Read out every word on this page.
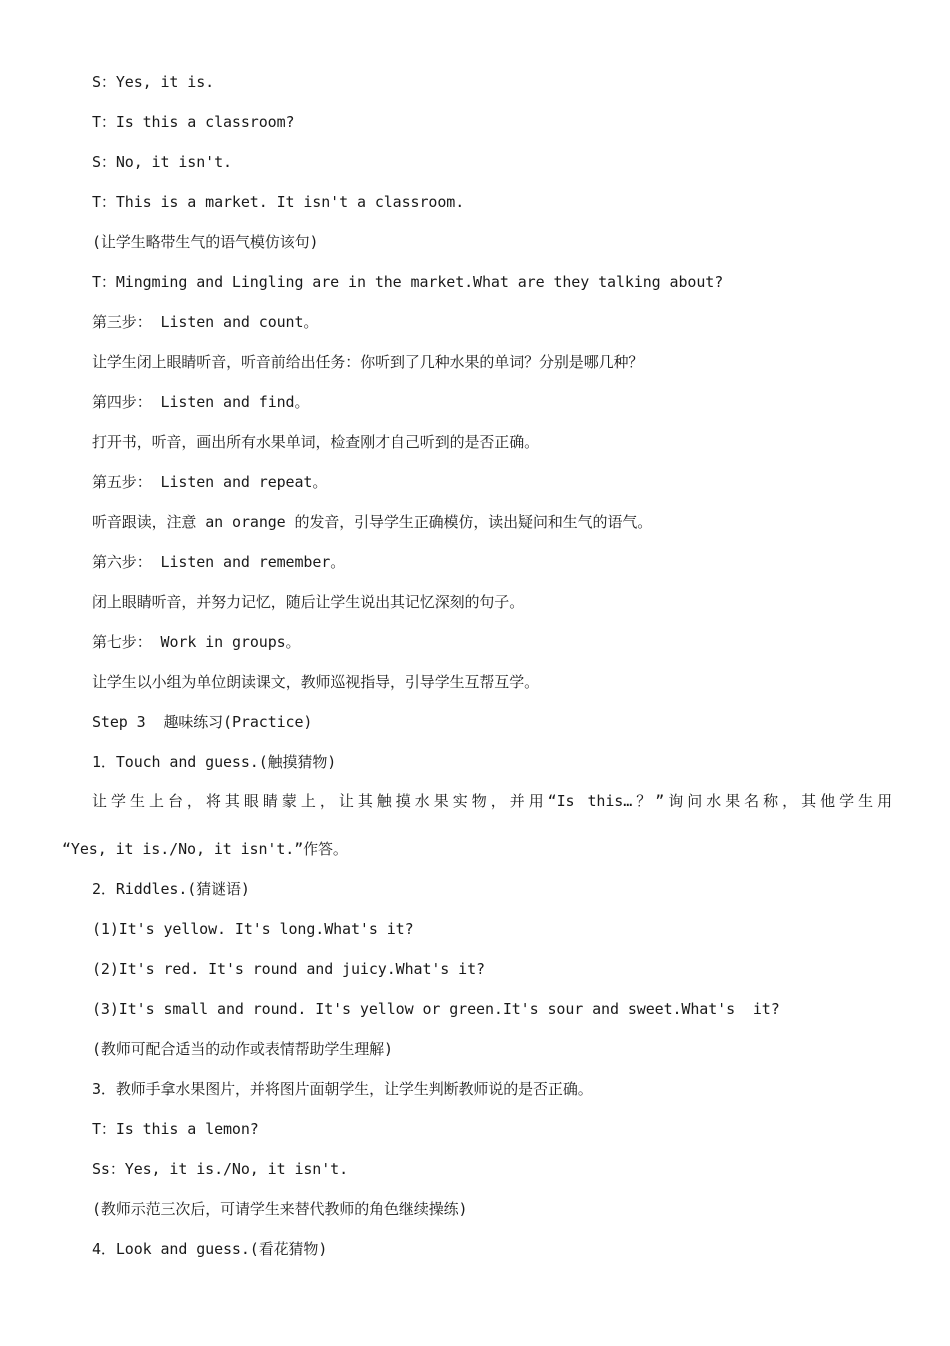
S：Yes, it is.
T：Is this a classroom?
S：No, it isn't.
T：This is a market. It isn't a classroom.
(让学生略带生气的语气模仿该句)
T：Mingming and Lingling are in the market.What are they talking about?
第三步： Listen and count。
让学生闭上眼睛听音，听音前给出任务：你听到了几种水果的单词？分别是哪几种？
第四步： Listen and find。
打开书，听音，画出所有水果单词，检查刚才自己听到的是否正确。
第五步： Listen and repeat。
听音跟读，注意 an orange 的发音，引导学生正确模仿，读出疑问和生气的语气。
第六步： Listen and remember。
闭上眼睛听音，并努力记忆，随后让学生说出其记忆深刻的句子。
第七步： Work in groups。
让学生以小组为单位朗读课文，教师巡视指导，引导学生互帮互学。
Step 3  趣味练习(Practice)
1．Touch and guess.(触摸猜物)
让学生上台，将其眼睛蒙上，让其触摸水果实物，并用“Is this…？”询问水果名称，其他学生用
“Yes, it is./No, it isn't.”作答。
2．Riddles.(猜谜语)
(1)It's yellow. It's long.What's it?
(2)It's red. It's round and juicy.What's it?
(3)It's small and round. It's yellow or green.It's sour and sweet.What's  it?
(教师可配合适当的动作或表情帮助学生理解)
3．教师手拿水果图片，并将图片面朝学生，让学生判断教师说的是否正确。
T：Is this a lemon?
Ss：Yes, it is./No, it isn't.
(教师示范三次后，可请学生来替代教师的角色继续操练)
4．Look and guess.(看花猜物)
